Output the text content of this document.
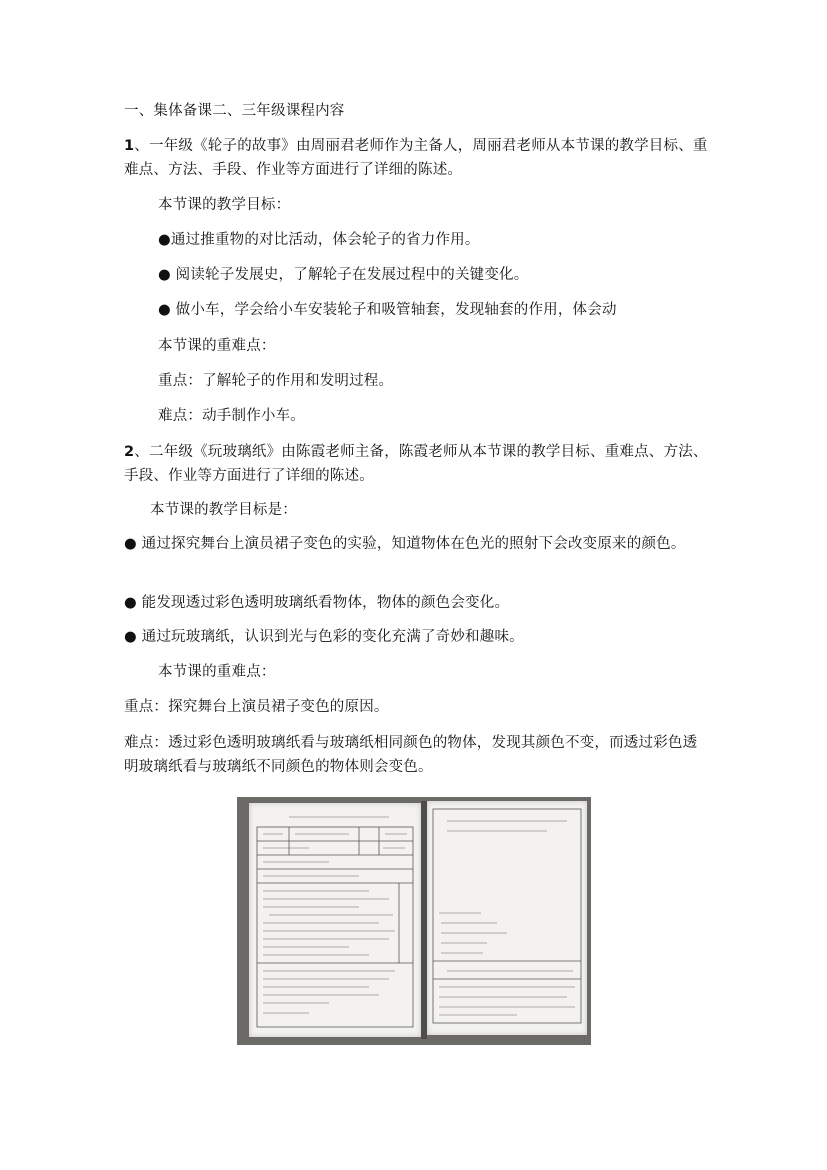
一、集体备课二、三年级课程内容
1、一年级《轮子的故事》由周丽君老师作为主备人，周丽君老师从本节课的教学目标、重难点、方法、手段、作业等方面进行了详细的陈述。
本节课的教学目标：
●通过推重物的对比活动，体会轮子的省力作用。
● 阅读轮子发展史，了解轮子在发展过程中的关键变化。
● 做小车，学会给小车安装轮子和吸管轴套，发现轴套的作用，体会动
本节课的重难点：
重点：了解轮子的作用和发明过程。
难点：动手制作小车。
2、二年级《玩玻璃纸》由陈霞老师主备，陈霞老师从本节课的教学目标、重难点、方法、手段、作业等方面进行了详细的陈述。
本节课的教学目标是：
● 通过探究舞台上演员裙子变色的实验，知道物体在色光的照射下会改变原来的颜色。
● 能发现透过彩色透明玻璃纸看物体，物体的颜色会变化。
● 通过玩玻璃纸，认识到光与色彩的变化充满了奇妙和趣味。
本节课的重难点：
重点：探究舞台上演员裙子变色的原因。
难点：透过彩色透明玻璃纸看与玻璃纸相同颜色的物体，发现其颜色不变，而透过彩色透明玻璃纸看与玻璃纸不同颜色的物体则会变色。
